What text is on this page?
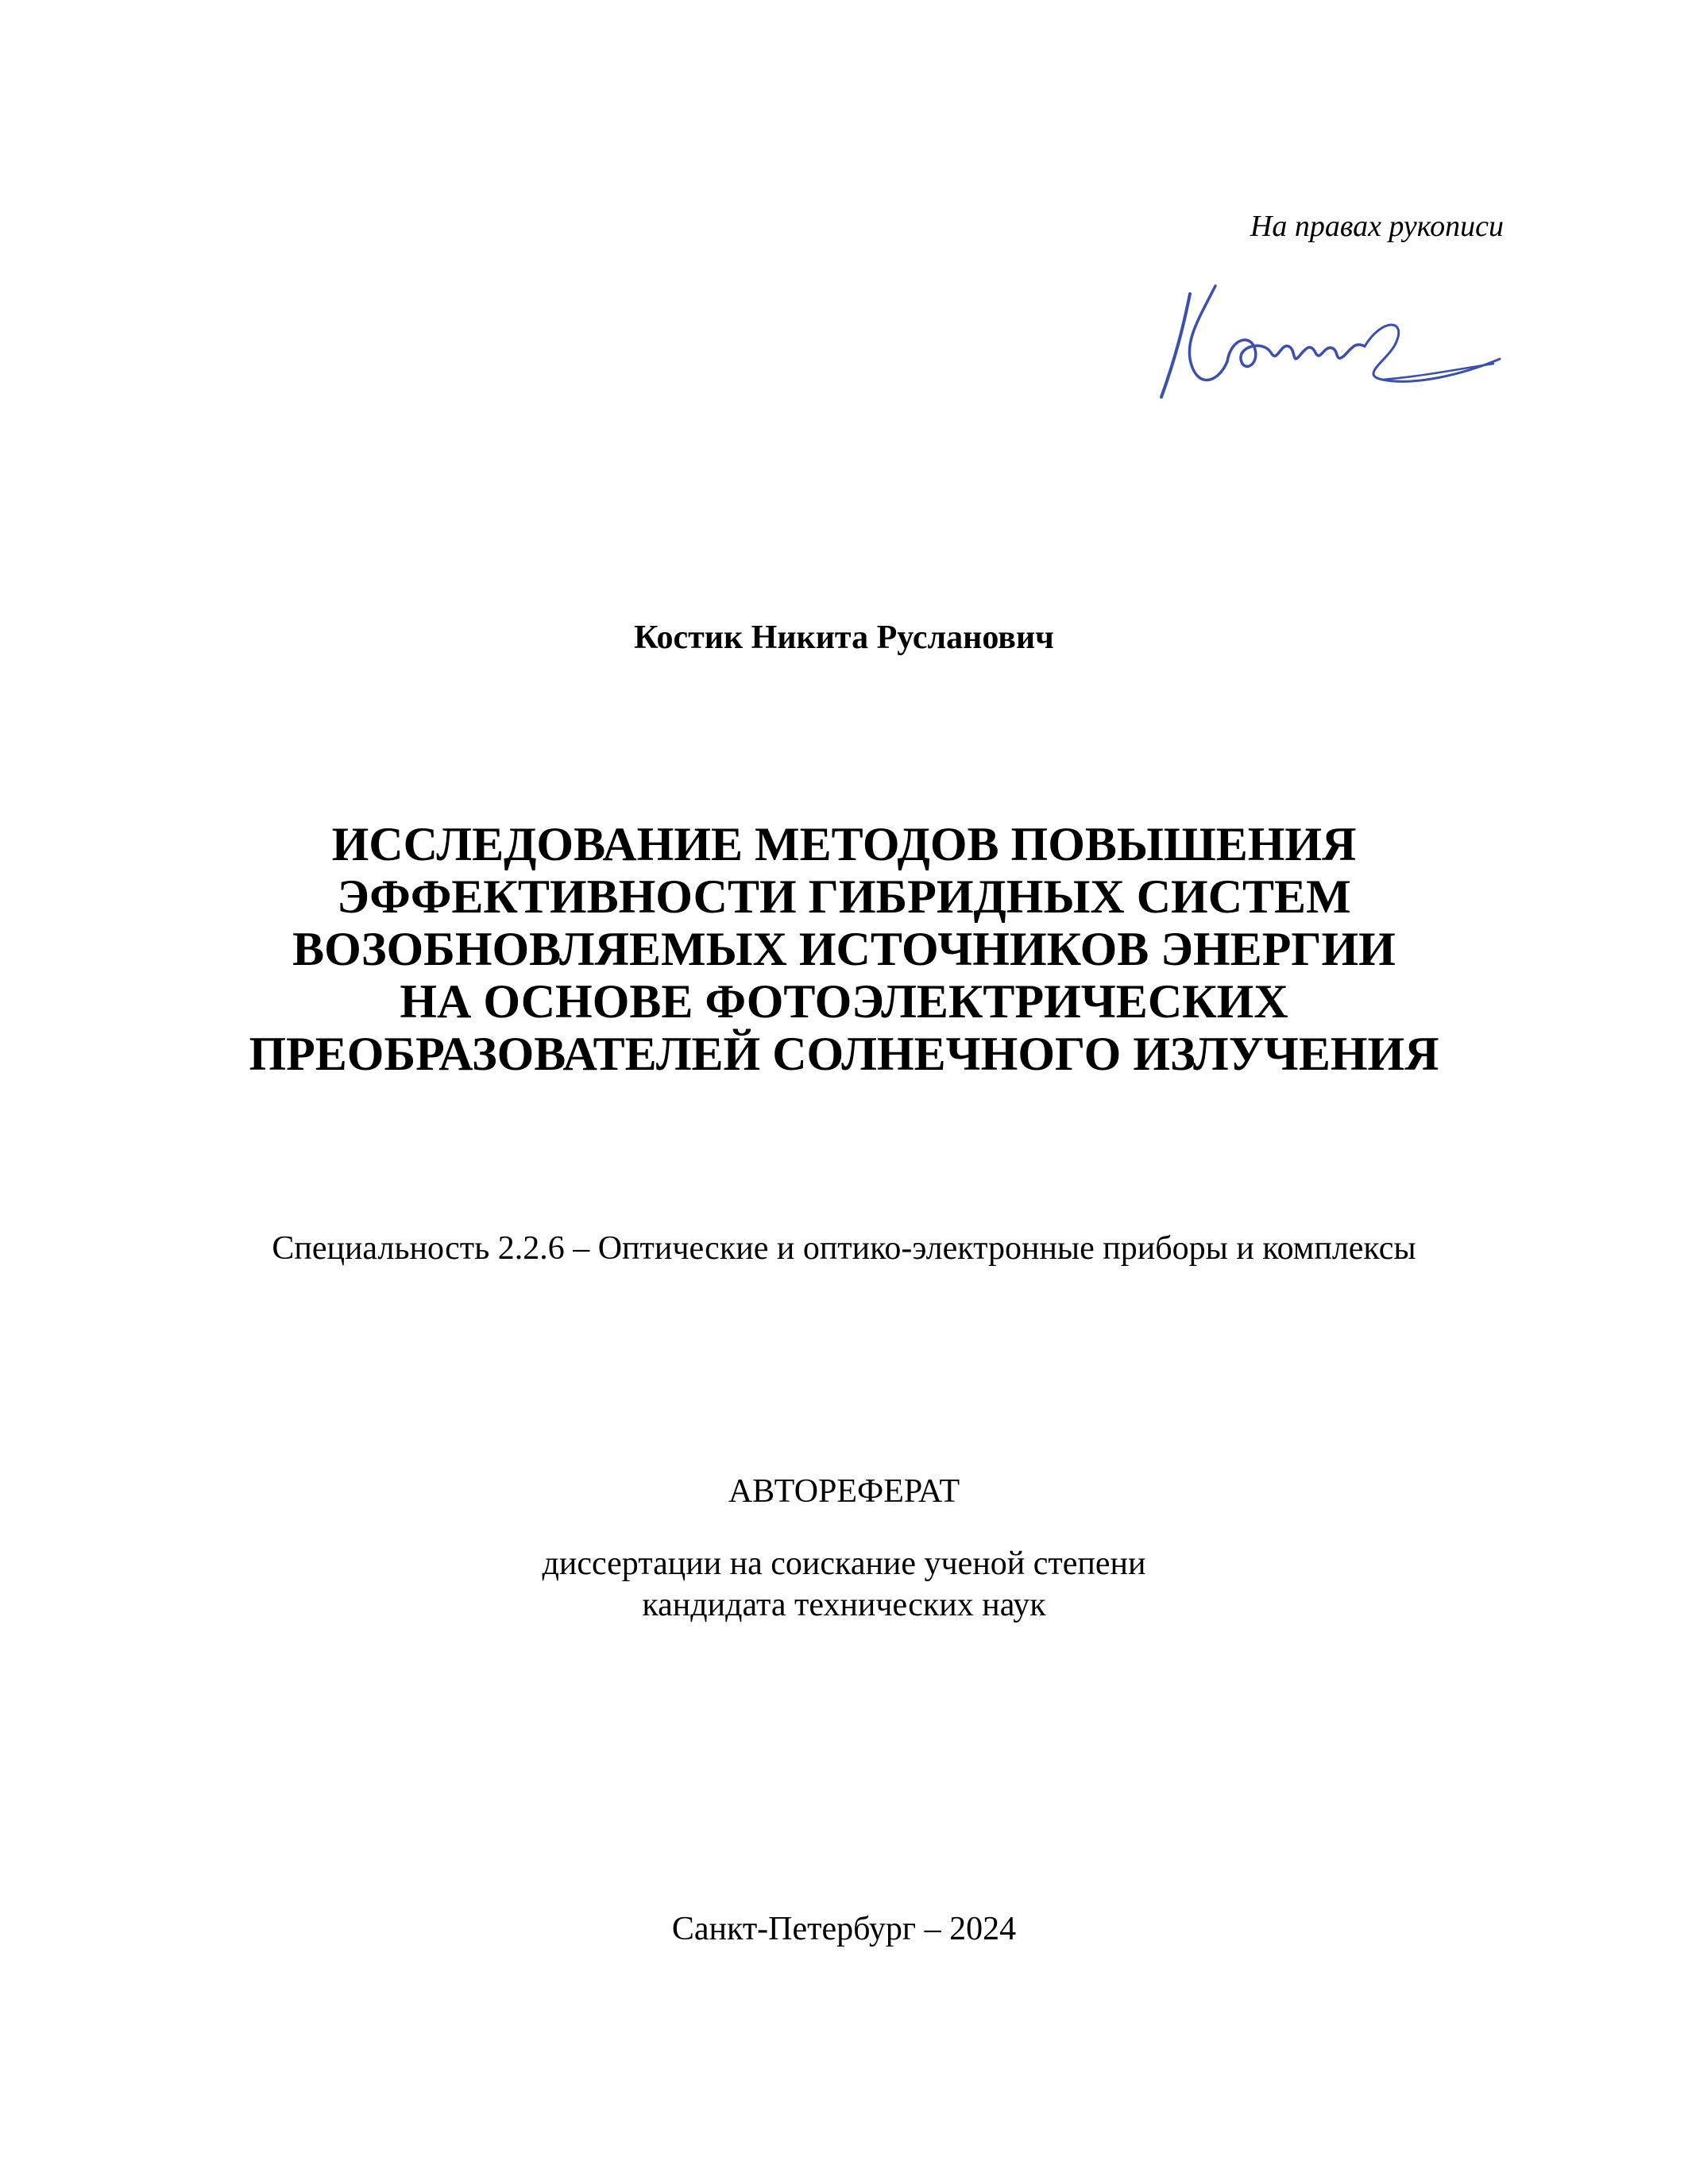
На правах рукописи
Костик Никита Русланович
ИССЛЕДОВАНИЕ МЕТОДОВ ПОВЫШЕНИЯ
ЭФФЕКТИВНОСТИ ГИБРИДНЫХ СИСТЕМ
ВОЗОБНОВЛЯЕМЫХ ИСТОЧНИКОВ ЭНЕРГИИ
НА ОСНОВЕ ФОТОЭЛЕКТРИЧЕСКИХ
ПРЕОБРАЗОВАТЕЛЕЙ СОЛНЕЧНОГО ИЗЛУЧЕНИЯ
Специальность 2.2.6 – Оптические и оптико-электронные приборы и комплексы
АВТОРЕФЕРАТ
диссертации на соискание ученой степени
кандидата технических наук
Санкт-Петербург – 2024
